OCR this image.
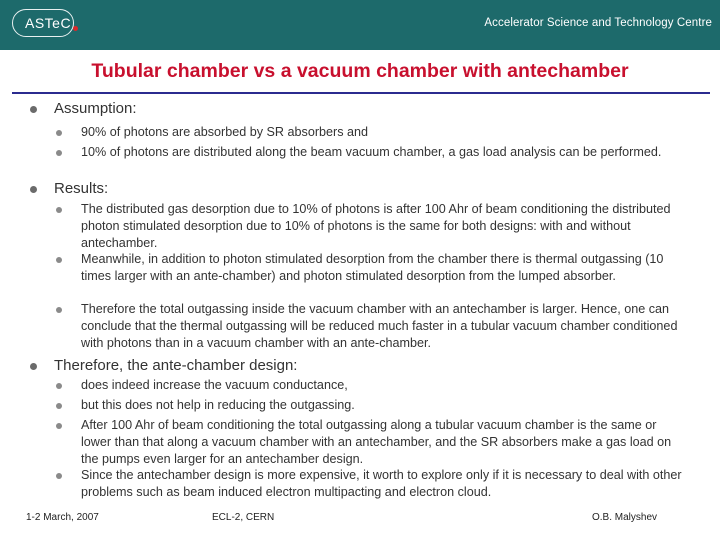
ASTeC	Accelerator Science and Technology Centre
Tubular chamber vs a vacuum chamber with antechamber
Assumption:
90% of photons are absorbed by SR absorbers and
10% of photons are distributed along the beam vacuum chamber, a gas load analysis can be performed.
Results:
The distributed gas desorption due to 10% of photons is after 100 Ahr of beam conditioning the distributed photon stimulated desorption due to 10% of photons is the same for both designs: with and without antechamber.
Meanwhile, in addition to photon stimulated desorption from the chamber there is thermal outgassing (10 times larger with an ante-chamber) and photon stimulated desorption from the lumped absorber.
Therefore the total outgassing inside the vacuum chamber with an antechamber is larger. Hence, one can conclude that the thermal outgassing will be reduced much faster in a tubular vacuum chamber conditioned with photons than in a vacuum chamber with an ante-chamber.
Therefore, the ante-chamber design:
does indeed increase the vacuum conductance,
but this does not help in reducing the outgassing.
After 100 Ahr of beam conditioning the total outgassing along a tubular vacuum chamber is the same or lower than that along a vacuum chamber with an antechamber, and the SR absorbers make a gas load on the pumps even larger for an antechamber design.
Since the antechamber design is more expensive, it worth to explore only if it is necessary to deal with other problems such as beam induced electron multipacting and electron cloud.
1-2 March, 2007	ECL-2, CERN	O.B. Malyshev
